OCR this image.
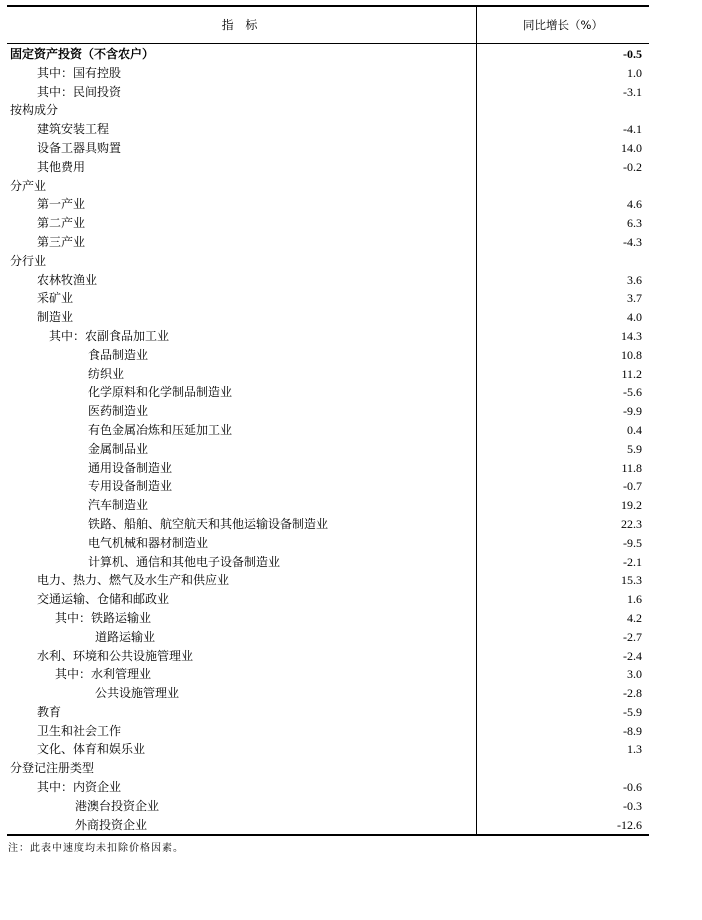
指 标	同比增长（%）
固定资产投资（不含农户）	-0.5
其中：国有控股	1.0
其中：民间投资	-3.1
按构成分
建筑安装工程	-4.1
设备工器具购置	14.0
其他费用	-0.2
分产业
第一产业	4.6
第二产业	6.3
第三产业	-4.3
分行业
农林牧渔业	3.6
采矿业	3.7
制造业	4.0
其中：农副食品加工业	14.3
食品制造业	10.8
纺织业	11.2
化学原料和化学制品制造业	-5.6
医药制造业	-9.9
有色金属冶炼和压延加工业	0.4
金属制品业	5.9
通用设备制造业	11.8
专用设备制造业	-0.7
汽车制造业	19.2
铁路、船舶、航空航天和其他运输设备制造业	22.3
电气机械和器材制造业	-9.5
计算机、通信和其他电子设备制造业	-2.1
电力、热力、燃气及水生产和供应业	15.3
交通运输、仓储和邮政业	1.6
其中：铁路运输业	4.2
道路运输业	-2.7
水利、环境和公共设施管理业	-2.4
其中：水利管理业	3.0
公共设施管理业	-2.8
教育	-5.9
卫生和社会工作	-8.9
文化、体育和娱乐业	1.3
分登记注册类型
其中：内资企业	-0.6
港澳台投资企业	-0.3
外商投资企业	-12.6
注：此表中速度均未扣除价格因素。
